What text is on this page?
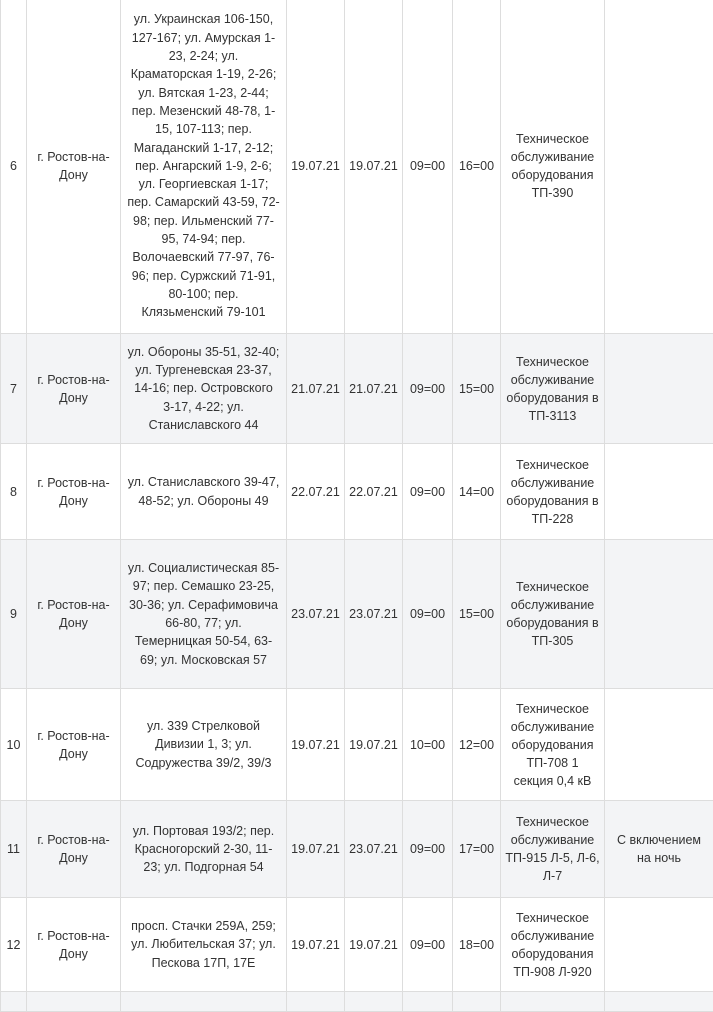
6	г. Ростов-на-Дону	ул. Украинская 106-150, 127-167; ул. Амурская 1-23, 2-24; ул. Краматорская 1-19, 2-26; ул. Вятская 1-23, 2-44; пер. Мезенский 48-78, 1-15, 107-113; пер. Магаданский 1-17, 2-12; пер. Ангарский 1-9, 2-6; ул. Георгиевская 1-17; пер. Самарский 43-59, 72-98; пер. Ильменский 77-95, 74-94; пер. Волочаевский 77-97, 76-96; пер. Суржский 71-91, 80-100; пер. Клязьменский 79-101	19.07.21	19.07.21	09=00	16=00	Техническое обслуживание оборудования ТП-390	
7	г. Ростов-на-Дону	ул. Обороны 35-51, 32-40; ул. Тургеневская 23-37, 14-16; пер. Островского 3-17, 4-22; ул. Станиславского 44	21.07.21	21.07.21	09=00	15=00	Техническое обслуживание оборудования в ТП-3113	
8	г. Ростов-на-Дону	ул. Станиславского 39-47, 48-52; ул. Обороны 49	22.07.21	22.07.21	09=00	14=00	Техническое обслуживание оборудования в ТП-228	
9	г. Ростов-на-Дону	ул. Социалистическая 85-97; пер. Семашко 23-25, 30-36; ул. Серафимовича 66-80, 77; ул. Темерницкая 50-54, 63-69; ул. Московская 57	23.07.21	23.07.21	09=00	15=00	Техническое обслуживание оборудования в ТП-305	
10	г. Ростов-на-Дону	ул. 339 Стрелковой Дивизии 1, 3; ул. Содружества 39/2, 39/3	19.07.21	19.07.21	10=00	12=00	Техническое обслуживание оборудования ТП-708 1 секция 0,4 кВ	
11	г. Ростов-на-Дону	ул. Портовая 193/2; пер. Красногорский 2-30, 11-23; ул. Подгорная 54	19.07.21	23.07.21	09=00	17=00	Техническое обслуживание ТП-915 Л-5, Л-6, Л-7	С включением на ночь
12	г. Ростов-на-Дону	просп. Стачки 259А, 259; ул. Любительская 37; ул. Пескова 17П, 17Е	19.07.21	19.07.21	09=00	18=00	Техническое обслуживание оборудования ТП-908 Л-920	
